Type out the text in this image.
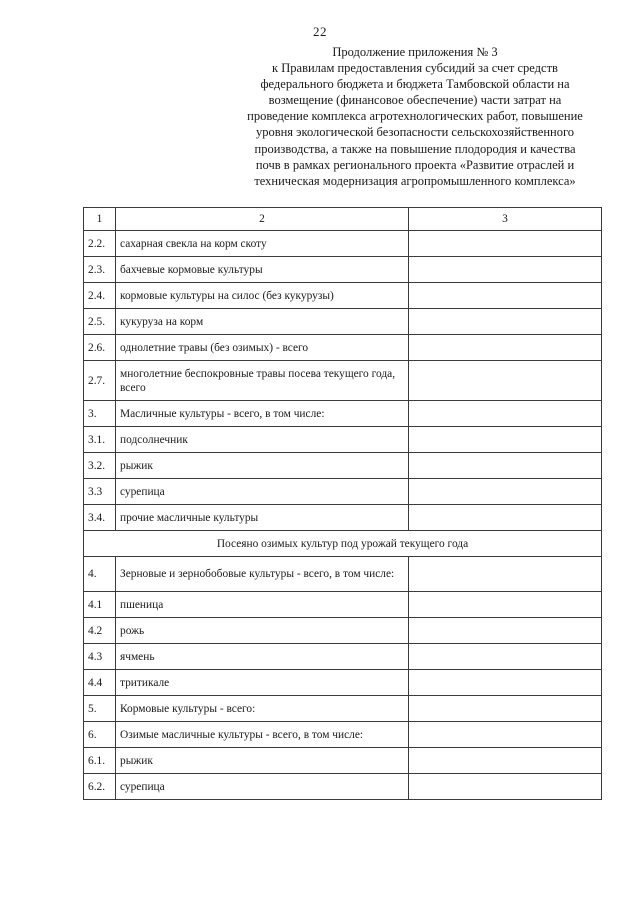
22
Продолжение приложения № 3
к Правилам предоставления субсидий за счет средств
федерального бюджета и бюджета Тамбовской области на
возмещение (финансовое обеспечение) части затрат на
проведение комплекса агротехнологических работ, повышение
уровня экологической безопасности сельскохозяйственного
производства, а также на повышение плодородия и качества
почв в рамках регионального проекта «Развитие отраслей и
техническая модернизация агропромышленного комплекса»
1	2	3
2.2.	сахарная свекла на корм скоту	
2.3.	бахчевые кормовые культуры	
2.4.	кормовые культуры на силос (без кукурузы)	
2.5.	кукуруза на корм	
2.6.	однолетние травы (без озимых) - всего	
2.7.	многолетние беспокровные травы посева текущего года, всего	
3.	Масличные культуры - всего, в том числе:	
3.1.	подсолнечник	
3.2.	рыжик	
3.3	сурепица	
3.4.	прочие масличные культуры	
Посеяно озимых культур под урожай текущего года		
4.	Зерновые и зернобобовые культуры - всего, в том числе:	
4.1	пшеница	
4.2	рожь	
4.3	ячмень	
4.4	тритикале	
5.	Кормовые культуры - всего:	
6.	Озимые масличные культуры - всего, в том числе:	
6.1.	рыжик	
6.2.	сурепица	
